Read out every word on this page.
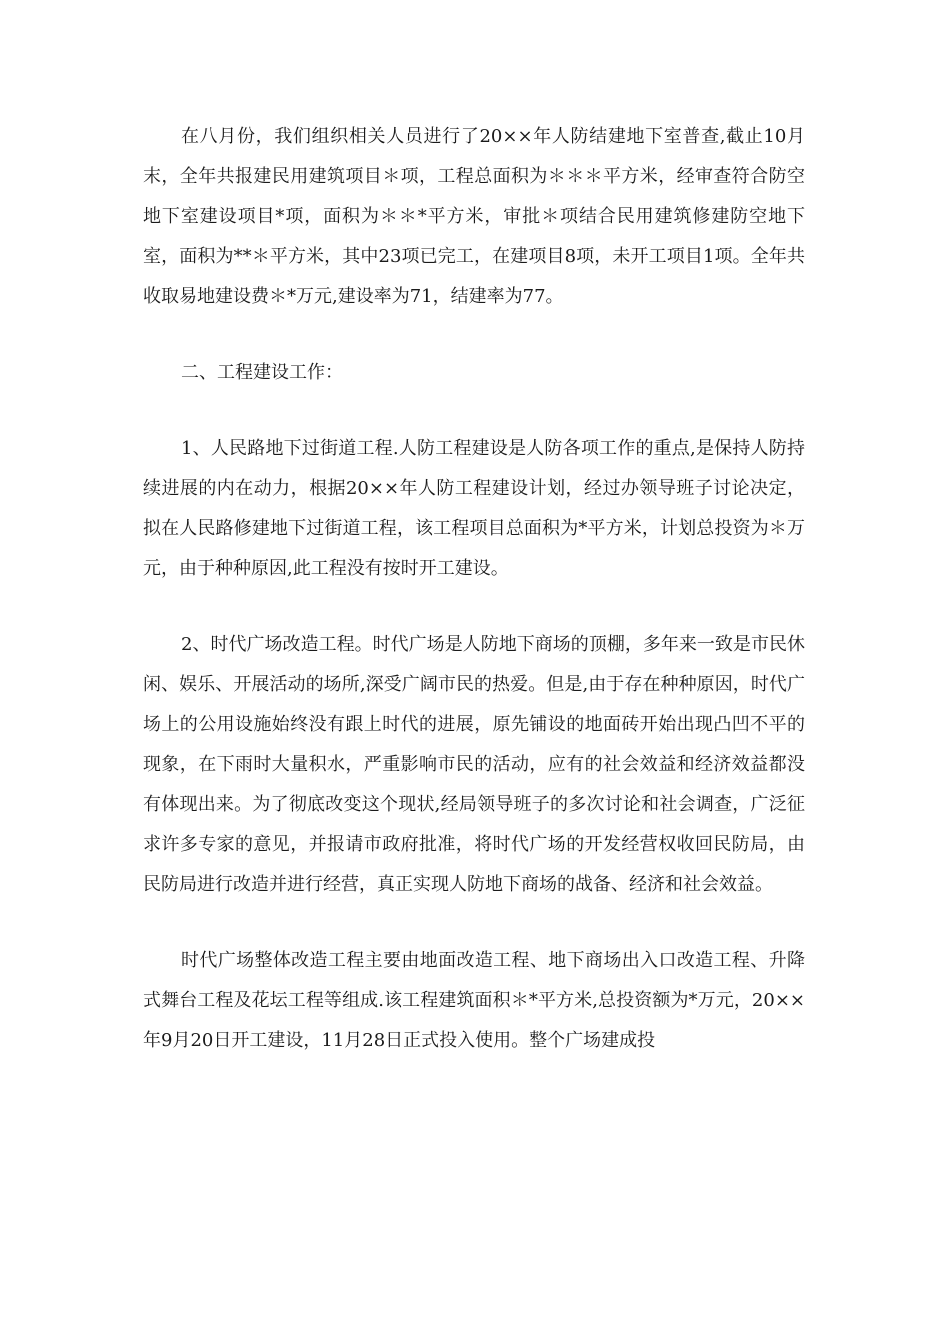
在八月份，我们组织相关人员进行了20××年人防结建地下室普查,截止10月末，全年共报建民用建筑项目＊项，工程总面积为＊＊＊平方米，经审查符合防空地下室建设项目*项，面积为＊＊*平方米，审批＊项结合民用建筑修建防空地下室，面积为**＊平方米，其中23项已完工，在建项目8项，未开工项目1项。全年共收取易地建设费＊*万元,建设率为71，结建率为77。

二、工程建设工作：

1、人民路地下过街道工程.人防工程建设是人防各项工作的重点,是保持人防持续进展的内在动力，根据20××年人防工程建设计划，经过办领导班子讨论决定，拟在人民路修建地下过街道工程，该工程项目总面积为*平方米，计划总投资为＊万元，由于种种原因,此工程没有按时开工建设。

2、时代广场改造工程。时代广场是人防地下商场的顶棚，多年来一致是市民休闲、娱乐、开展活动的场所,深受广阔市民的热爱。但是,由于存在种种原因，时代广场上的公用设施始终没有跟上时代的进展，原先铺设的地面砖开始出现凸凹不平的现象，在下雨时大量积水，严重影响市民的活动，应有的社会效益和经济效益都没有体现出来。为了彻底改变这个现状,经局领导班子的多次讨论和社会调查，广泛征求许多专家的意见，并报请市政府批准，将时代广场的开发经营权收回民防局，由民防局进行改造并进行经营，真正实现人防地下商场的战备、经济和社会效益。

时代广场整体改造工程主要由地面改造工程、地下商场出入口改造工程、升降式舞台工程及花坛工程等组成.该工程建筑面积＊*平方米,总投资额为*万元，20××年9月20日开工建设，11月28日正式投入使用。整个广场建成投
